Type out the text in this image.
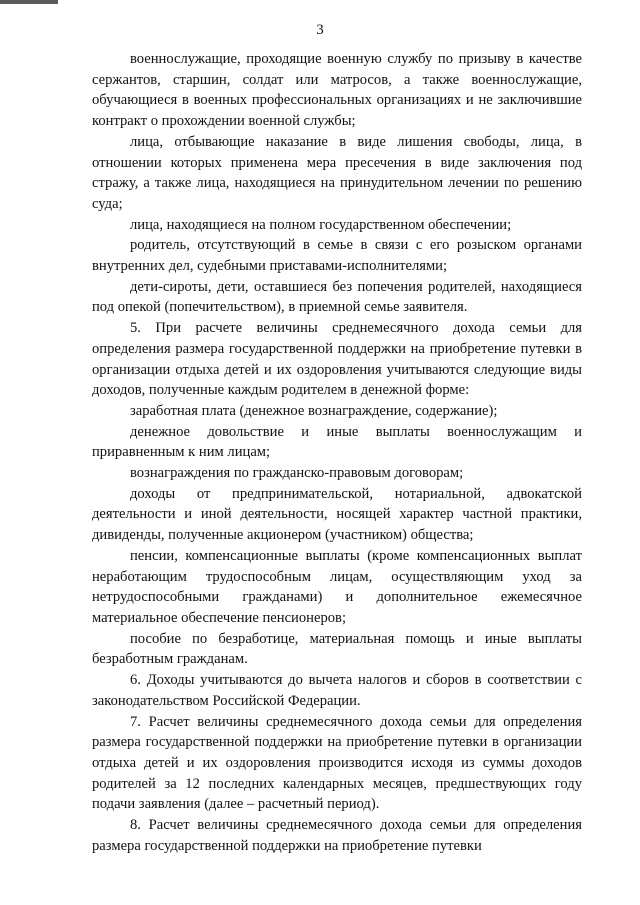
3

военнослужащие, проходящие военную службу по призыву в качестве сержантов, старшин, солдат или матросов, а также военнослужащие, обучающиеся в военных профессиональных организациях и не заключившие контракт о прохождении военной службы;

лица, отбывающие наказание в виде лишения свободы, лица, в отношении которых применена мера пресечения в виде заключения под стражу, а также лица, находящиеся на принудительном лечении по решению суда;

лица, находящиеся на полном государственном обеспечении;

родитель, отсутствующий в семье в связи с его розыском органами внутренних дел, судебными приставами-исполнителями;

дети-сироты, дети, оставшиеся без попечения родителей, находящиеся под опекой (попечительством), в приемной семье заявителя.

5. При расчете величины среднемесячного дохода семьи для определения размера государственной поддержки на приобретение путевки в организации отдыха детей и их оздоровления учитываются следующие виды доходов, полученные каждым родителем в денежной форме:

заработная плата (денежное вознаграждение, содержание);

денежное довольствие и иные выплаты военнослужащим и приравненным к ним лицам;

вознаграждения по гражданско-правовым договорам;

доходы от предпринимательской, нотариальной, адвокатской деятельности и иной деятельности, носящей характер частной практики, дивиденды, полученные акционером (участником) общества;

пенсии, компенсационные выплаты (кроме компенсационных выплат неработающим трудоспособным лицам, осуществляющим уход за нетрудоспособными гражданами) и дополнительное ежемесячное материальное обеспечение пенсионеров;

пособие по безработице, материальная помощь и иные выплаты безработным гражданам.

6. Доходы учитываются до вычета налогов и сборов в соответствии с законодательством Российской Федерации.

7. Расчет величины среднемесячного дохода семьи для определения размера государственной поддержки на приобретение путевки в организации отдыха детей и их оздоровления производится исходя из суммы доходов родителей за 12 последних календарных месяцев, предшествующих году подачи заявления (далее – расчетный период).

8. Расчет величины среднемесячного дохода семьи для определения размера государственной поддержки на приобретение путевки
